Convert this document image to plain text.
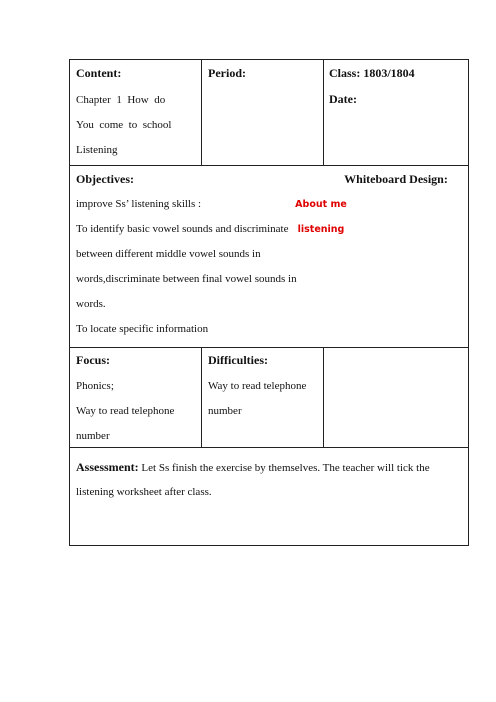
Content:
Chapter  1  How  do
You  come  to  school
Listening
Period:	Class: 1803/1804
Date:
Objectives:
improve Ss’ listening skills :
To identify basic vowel sounds and discriminate
between different middle vowel sounds in
words,discriminate between final vowel sounds in
words.
To locate specific information
Whiteboard Design:
About me
listening
Focus:
Phonics;
Way to read telephone
number
Difficulties:
Way to read telephone
number
Assessment: Let Ss finish the exercise by themselves. The teacher will tick the listening worksheet after class.
